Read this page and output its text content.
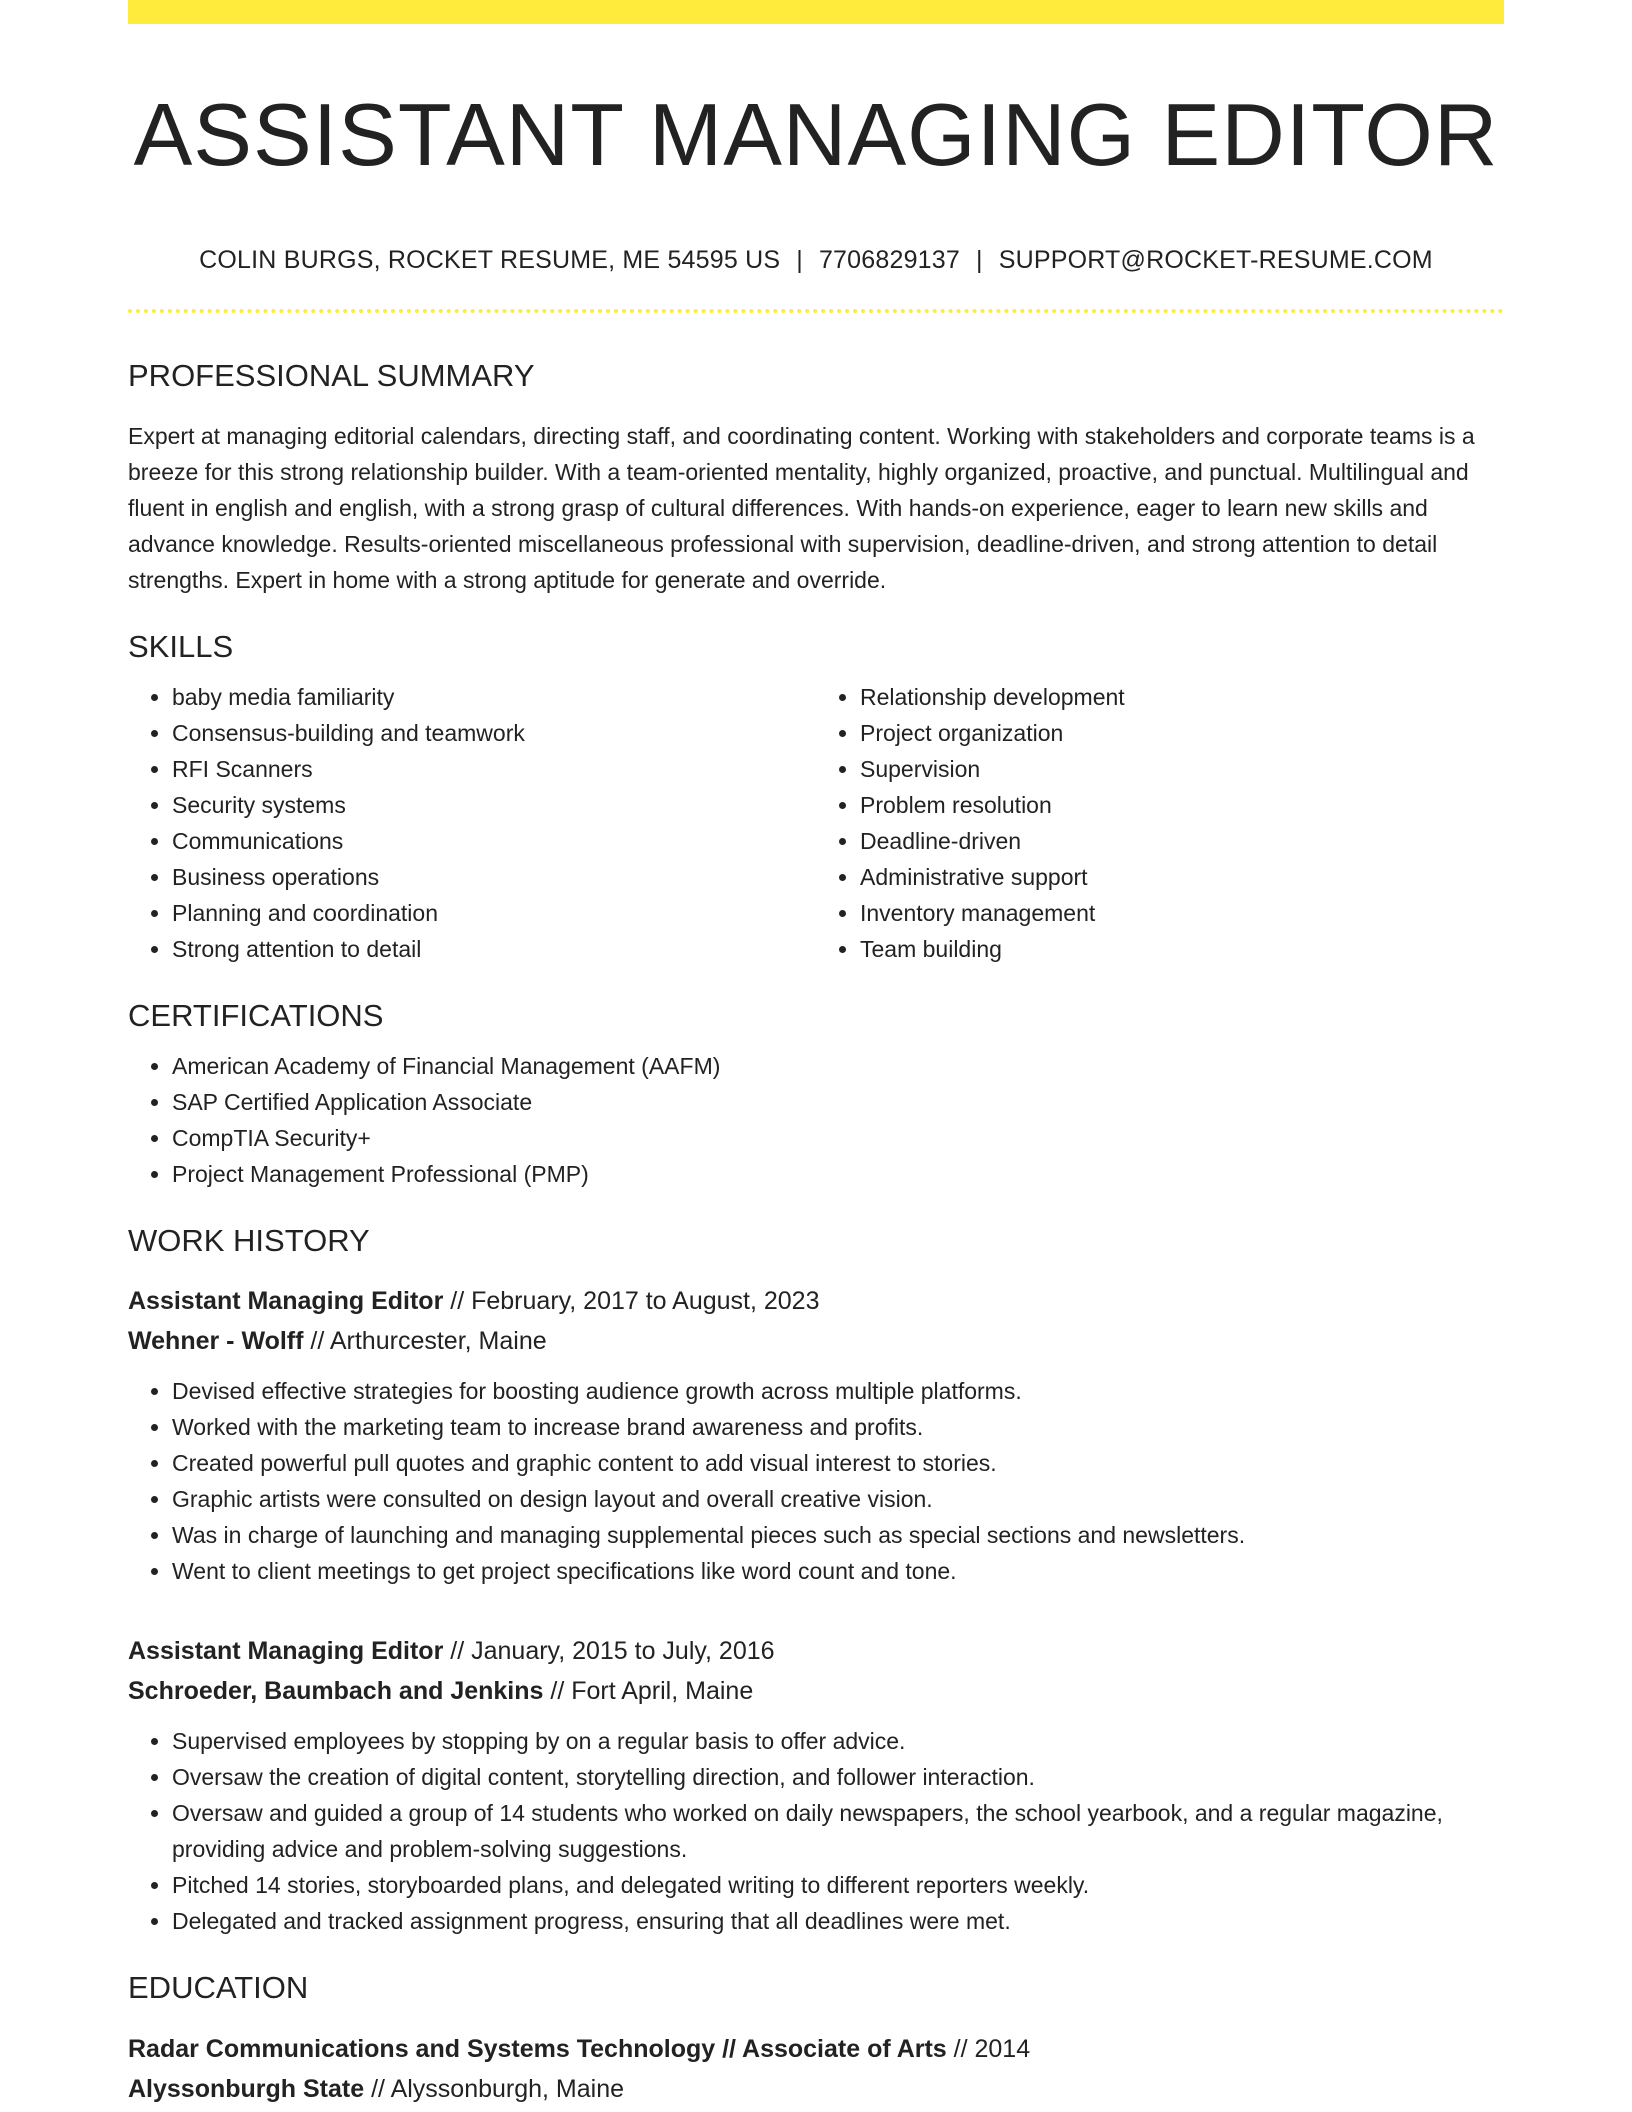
ASSISTANT MANAGING EDITOR
COLIN BURGS, ROCKET RESUME, ME 54595 US | 7706829137 | SUPPORT@ROCKET-RESUME.COM
PROFESSIONAL SUMMARY
Expert at managing editorial calendars, directing staff, and coordinating content. Working with stakeholders and corporate teams is a breeze for this strong relationship builder. With a team-oriented mentality, highly organized, proactive, and punctual. Multilingual and fluent in english and english, with a strong grasp of cultural differences. With hands-on experience, eager to learn new skills and advance knowledge. Results-oriented miscellaneous professional with supervision, deadline-driven, and strong attention to detail strengths. Expert in home with a strong aptitude for generate and override.
SKILLS
• baby media familiarity
• Consensus-building and teamwork
• RFI Scanners
• Security systems
• Communications
• Business operations
• Planning and coordination
• Strong attention to detail
• Relationship development
• Project organization
• Supervision
• Problem resolution
• Deadline-driven
• Administrative support
• Inventory management
• Team building
CERTIFICATIONS
• American Academy of Financial Management (AAFM)
• SAP Certified Application Associate
• CompTIA Security+
• Project Management Professional (PMP)
WORK HISTORY
Assistant Managing Editor // February, 2017 to August, 2023
Wehner - Wolff // Arthurcester, Maine
• Devised effective strategies for boosting audience growth across multiple platforms.
• Worked with the marketing team to increase brand awareness and profits.
• Created powerful pull quotes and graphic content to add visual interest to stories.
• Graphic artists were consulted on design layout and overall creative vision.
• Was in charge of launching and managing supplemental pieces such as special sections and newsletters.
• Went to client meetings to get project specifications like word count and tone.
Assistant Managing Editor // January, 2015 to July, 2016
Schroeder, Baumbach and Jenkins // Fort April, Maine
• Supervised employees by stopping by on a regular basis to offer advice.
• Oversaw the creation of digital content, storytelling direction, and follower interaction.
• Oversaw and guided a group of 14 students who worked on daily newspapers, the school yearbook, and a regular magazine, providing advice and problem-solving suggestions.
• Pitched 14 stories, storyboarded plans, and delegated writing to different reporters weekly.
• Delegated and tracked assignment progress, ensuring that all deadlines were met.
EDUCATION
Radar Communications and Systems Technology // Associate of Arts // 2014
Alyssonburgh State // Alyssonburgh, Maine
